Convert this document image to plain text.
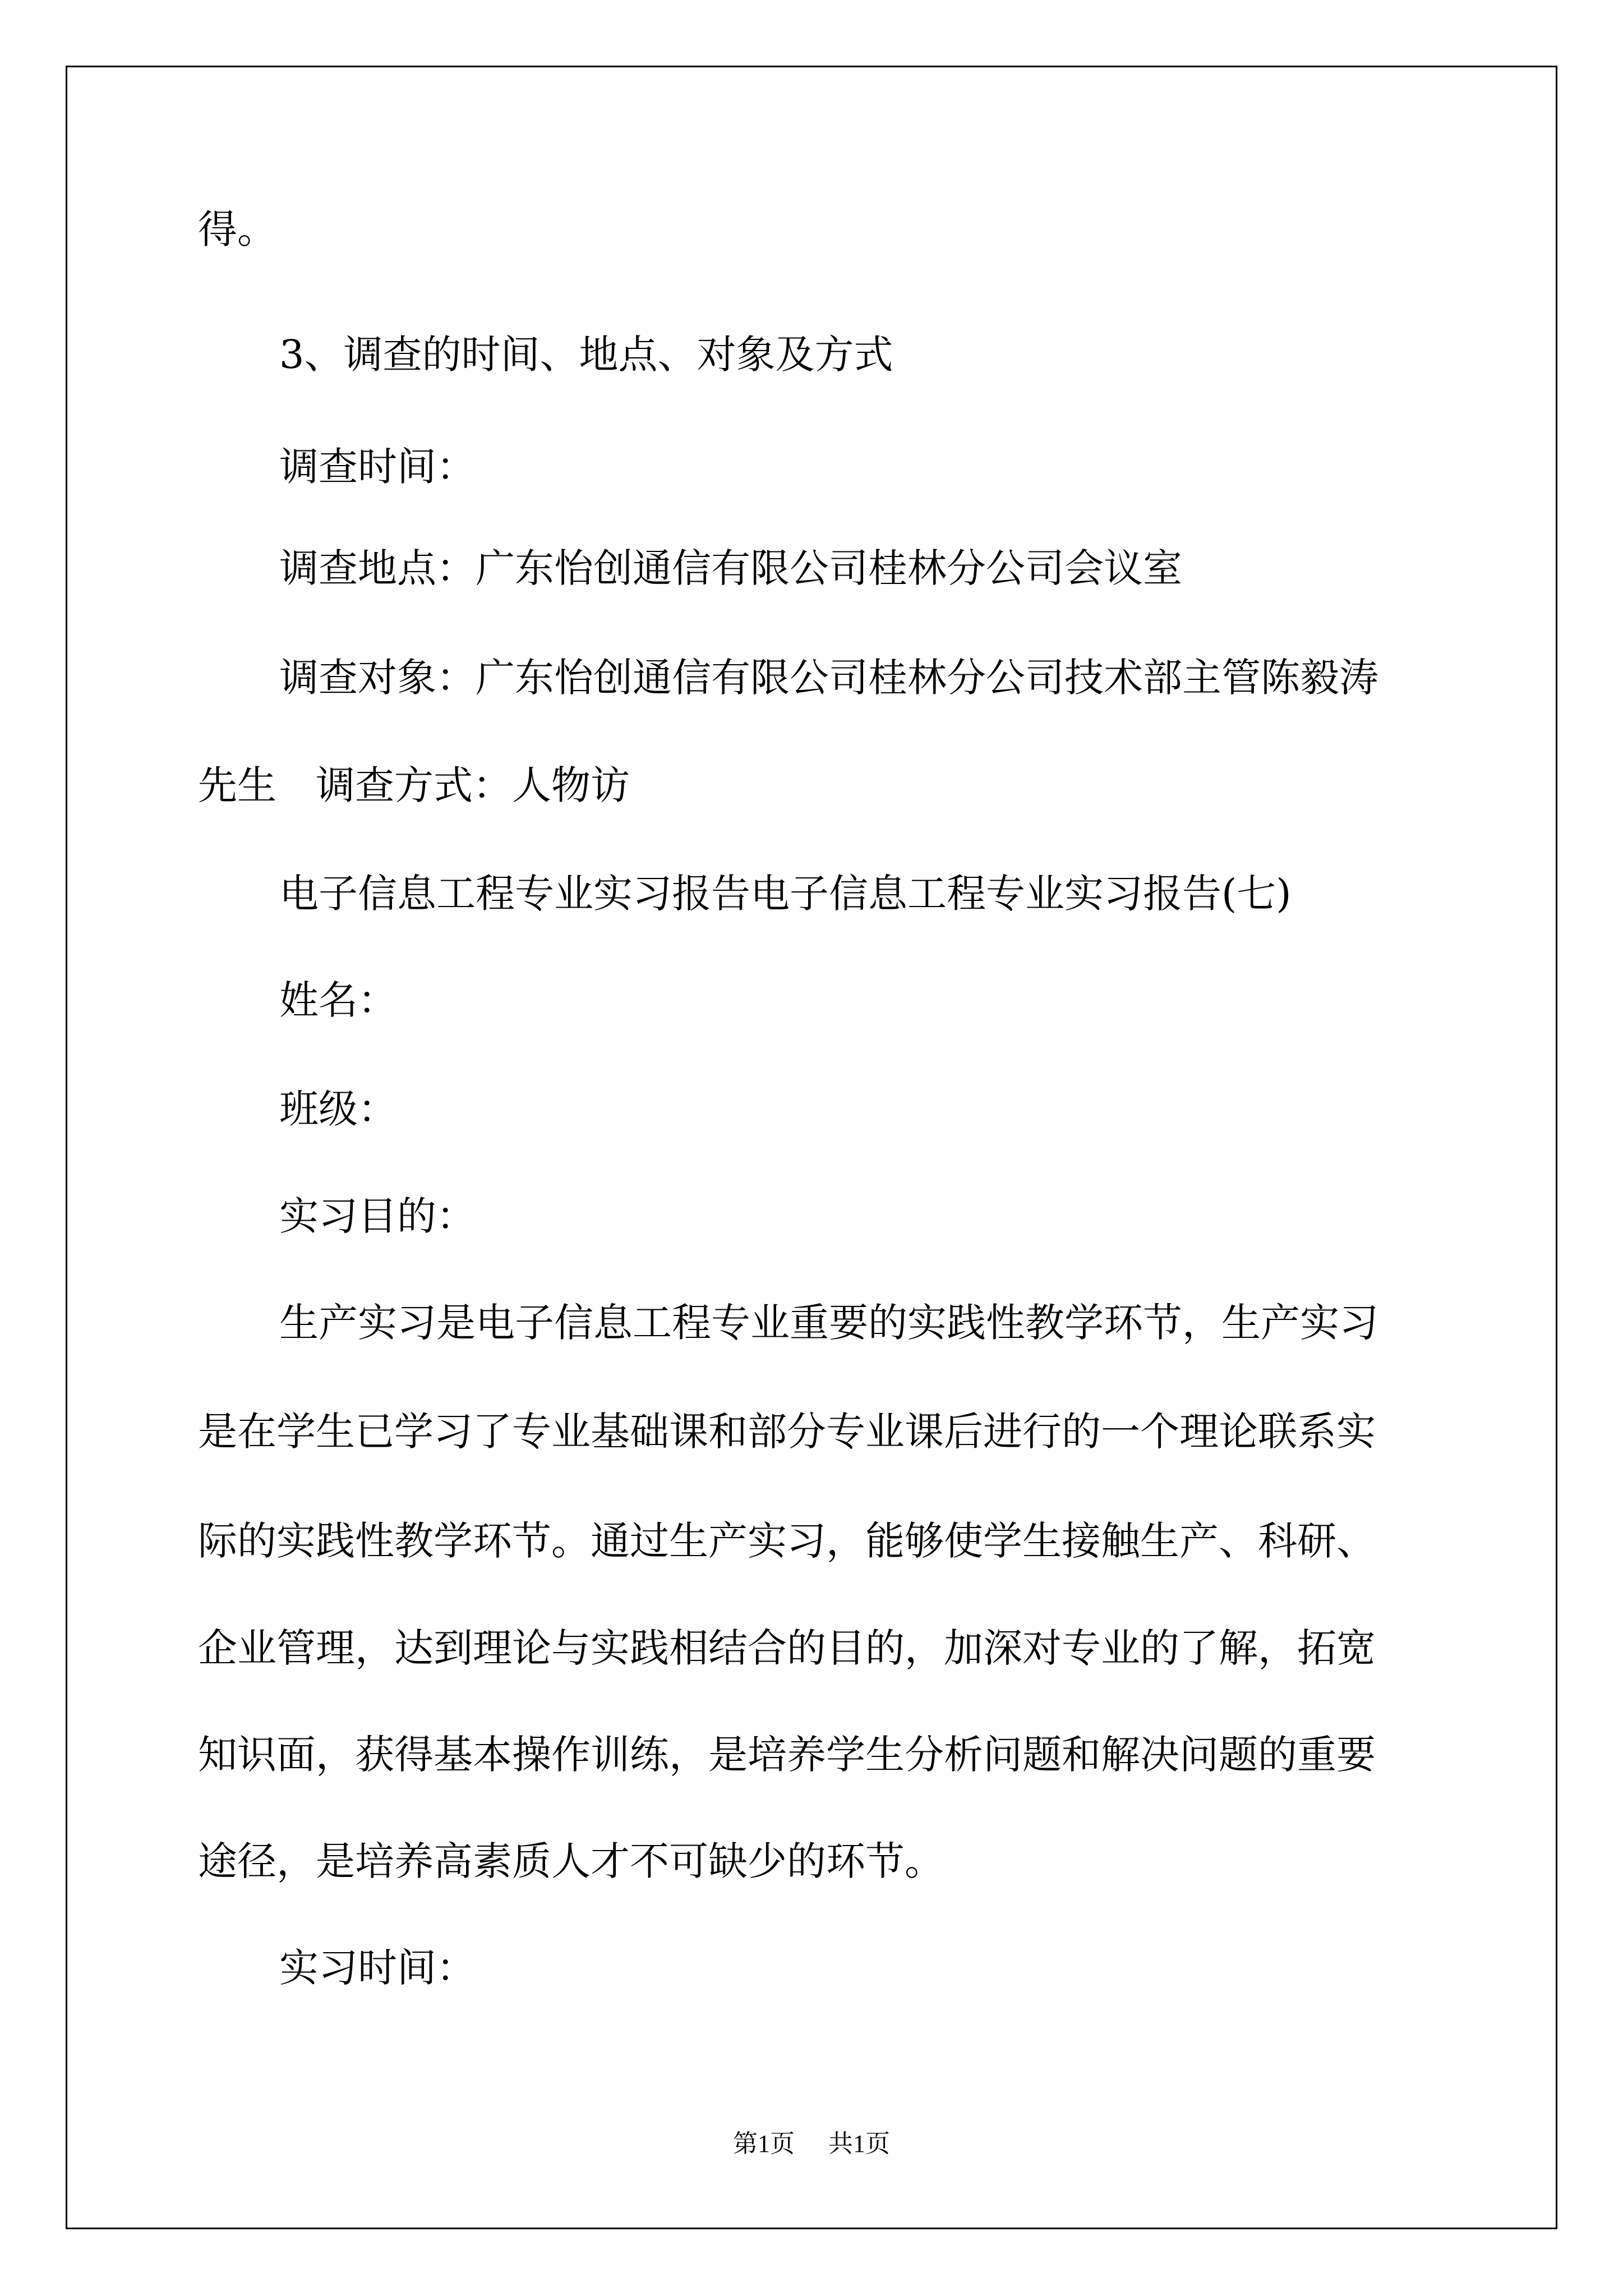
得。
3、调查的时间、地点、对象及方式
调查时间：
调查地点：广东怡创通信有限公司桂林分公司会议室
调查对象：广东怡创通信有限公司桂林分公司技术部主管陈毅涛
先生　调查方式：人物访
电子信息工程专业实习报告电子信息工程专业实习报告(七)
姓名：
班级：
实习目的：
生产实习是电子信息工程专业重要的实践性教学环节，生产实习
是在学生已学习了专业基础课和部分专业课后进行的一个理论联系实
际的实践性教学环节。通过生产实习，能够使学生接触生产、科研、
企业管理，达到理论与实践相结合的目的，加深对专业的了解，拓宽
知识面，获得基本操作训练，是培养学生分析问题和解决问题的重要
途径，是培养高素质人才不可缺少的环节。
实习时间：
第1页 共1页
